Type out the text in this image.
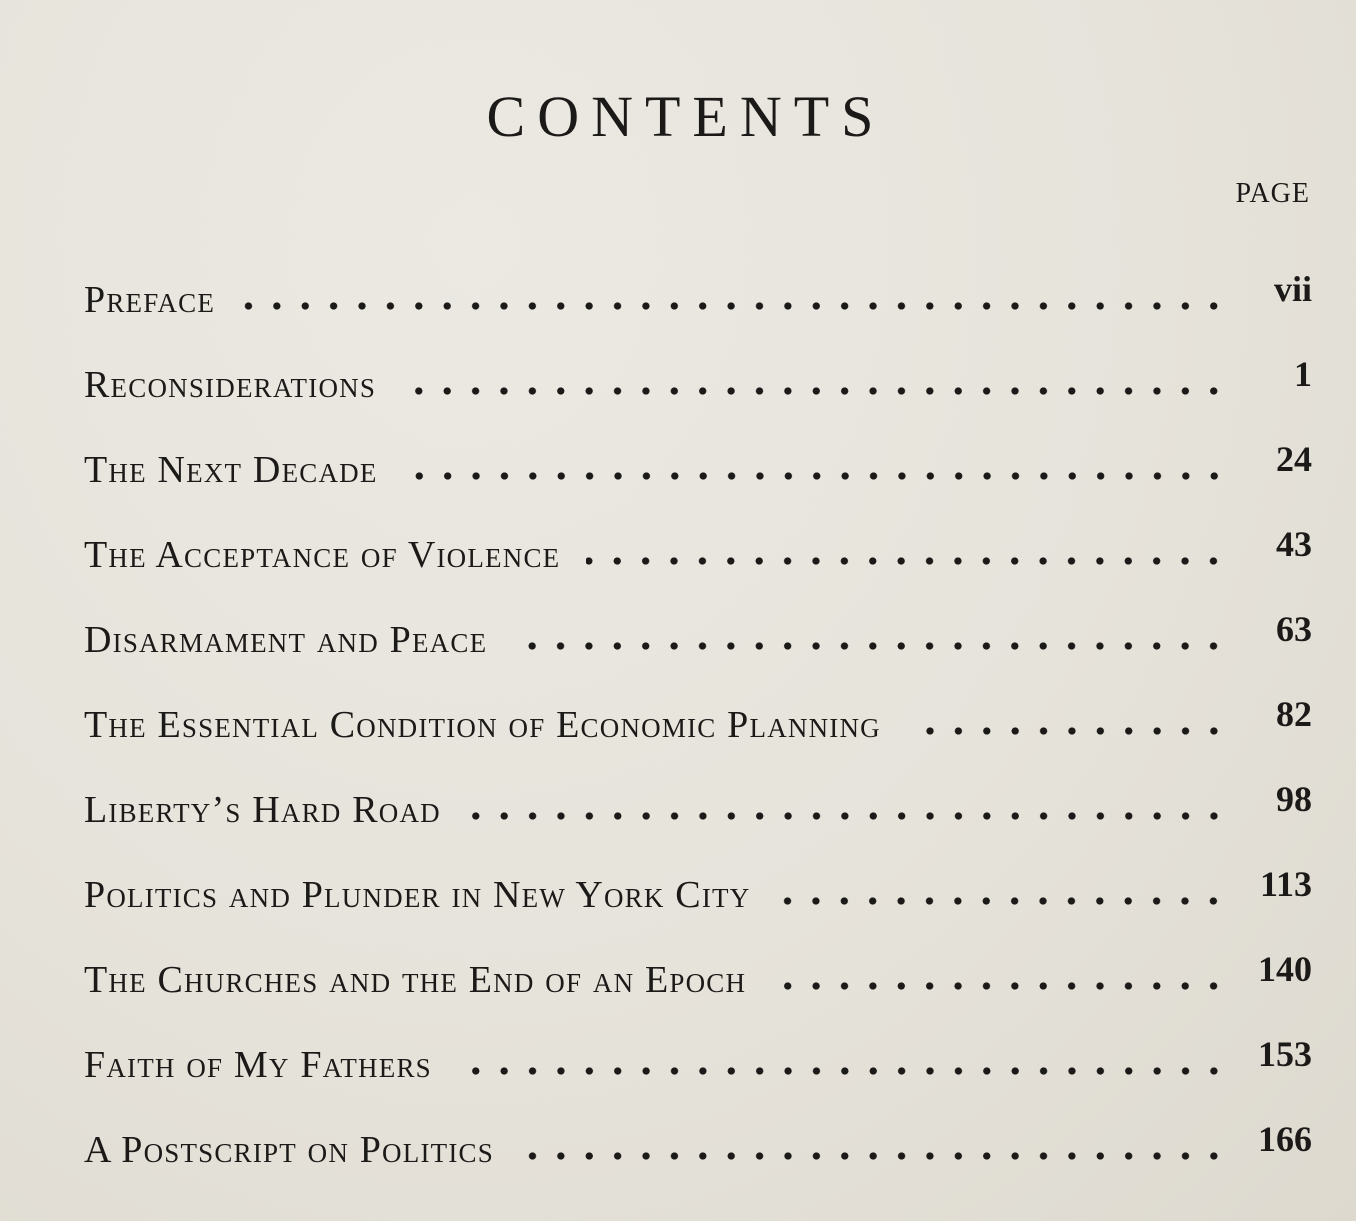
CONTENTS
PAGE
Preface	vii
Reconsiderations	1
The Next Decade	24
The Acceptance of Violence	43
Disarmament and Peace	63
The Essential Condition of Economic Planning	82
Liberty’s Hard Road	98
Politics and Plunder in New York City	113
The Churches and the End of an Epoch	140
Faith of My Fathers	153
A Postscript on Politics	166
